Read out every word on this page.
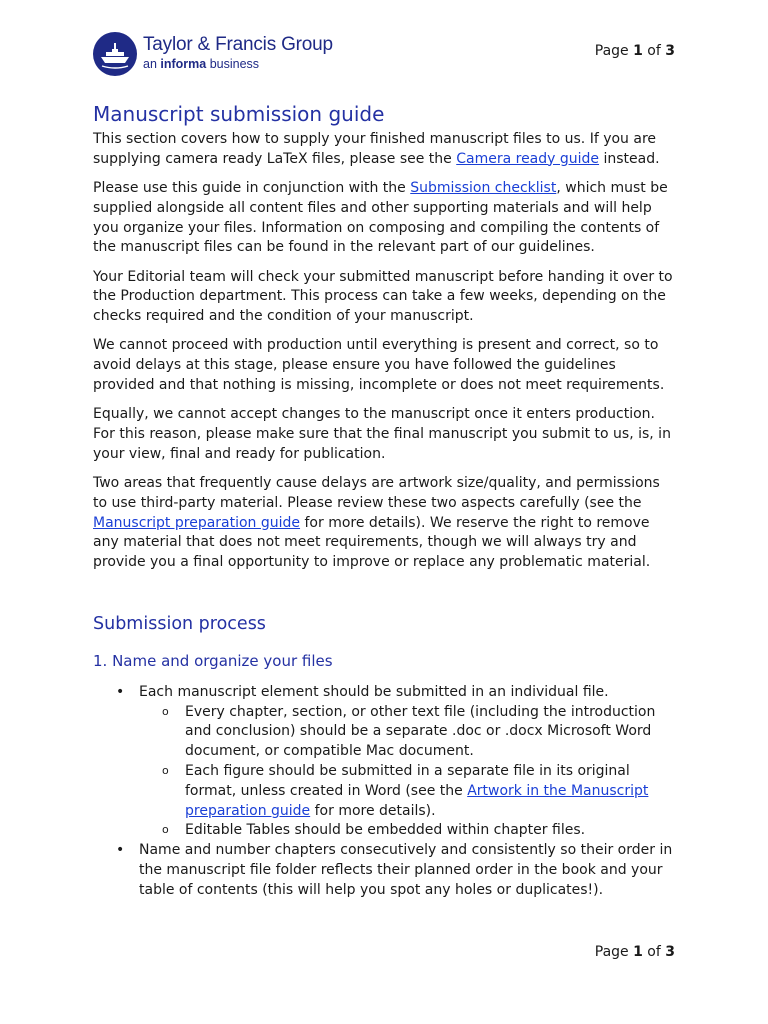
Taylor & Francis Group
an informa business
Page 1 of 3
Manuscript submission guide

This section covers how to supply your finished manuscript files to us. If you are supplying camera ready LaTeX files, please see the Camera ready guide instead.

Please use this guide in conjunction with the Submission checklist, which must be supplied alongside all content files and other supporting materials and will help you organize your files. Information on composing and compiling the contents of the manuscript files can be found in the relevant part of our guidelines.

Your Editorial team will check your submitted manuscript before handing it over to the Production department. This process can take a few weeks, depending on the checks required and the condition of your manuscript.

We cannot proceed with production until everything is present and correct, so to avoid delays at this stage, please ensure you have followed the guidelines provided and that nothing is missing, incomplete or does not meet requirements.

Equally, we cannot accept changes to the manuscript once it enters production. For this reason, please make sure that the final manuscript you submit to us, is, in your view, final and ready for publication.

Two areas that frequently cause delays are artwork size/quality, and permissions to use third-party material. Please review these two aspects carefully (see the Manuscript preparation guide for more details). We reserve the right to remove any material that does not meet requirements, though we will always try and provide you a final opportunity to improve or replace any problematic material.

Submission process
1. Name and organize your files
• Each manuscript element should be submitted in an individual file.
o Every chapter, section, or other text file (including the introduction and conclusion) should be a separate .doc or .docx Microsoft Word document, or compatible Mac document.
o Each figure should be submitted in a separate file in its original format, unless created in Word (see the Artwork in the Manuscript preparation guide for more details).
o Editable Tables should be embedded within chapter files.
• Name and number chapters consecutively and consistently so their order in the manuscript file folder reflects their planned order in the book and your table of contents (this will help you spot any holes or duplicates!).
Page 1 of 3
